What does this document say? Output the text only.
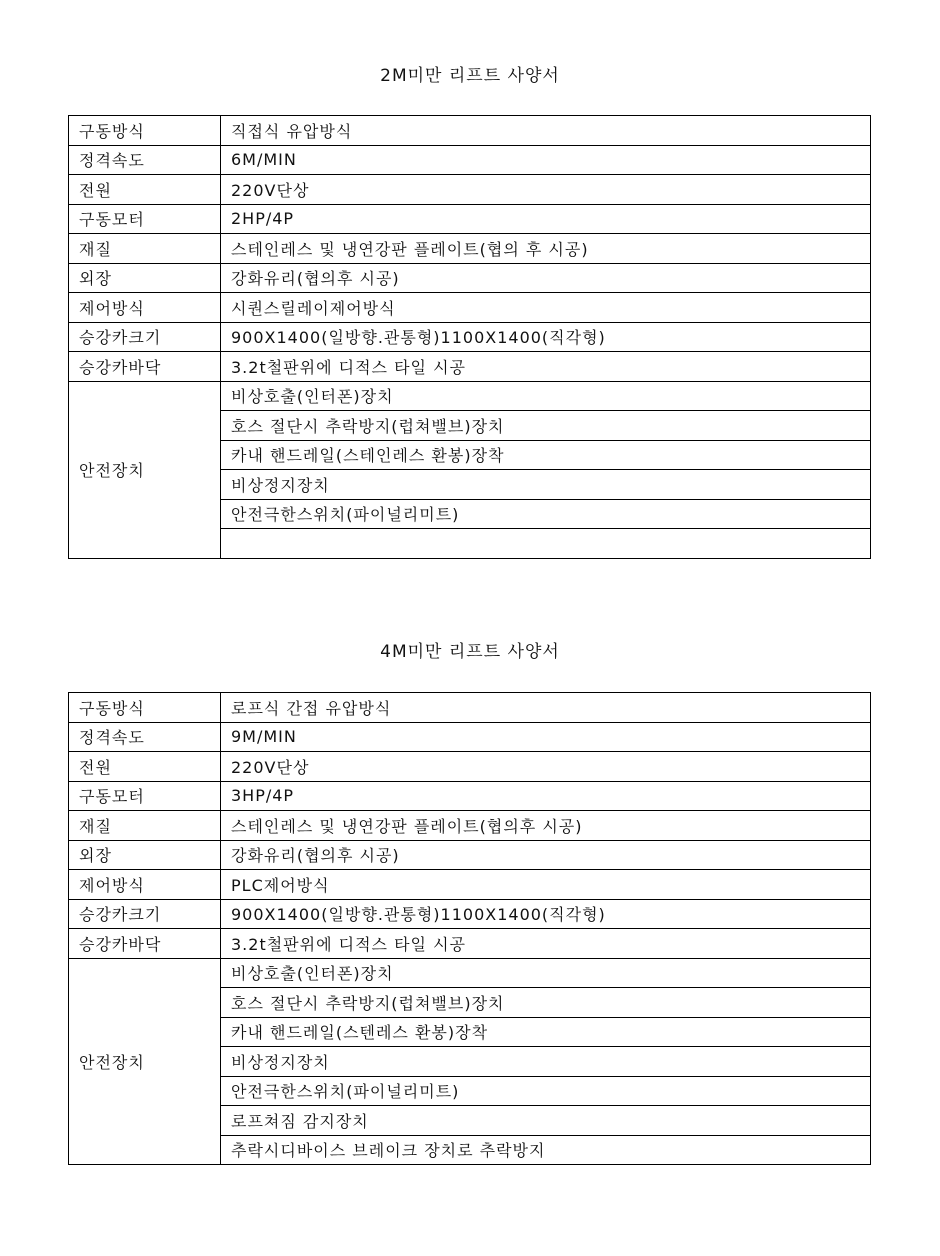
2M미만 리프트 사양서
구동방식	직접식 유압방식
정격속도	6M/MIN
전원	220V단상
구동모터	2HP/4P
재질	스테인레스 및 냉연강판 플레이트(협의 후 시공)
외장	강화유리(협의후 시공)
제어방식	시퀀스릴레이제어방식
승강카크기	900X1400(일방향.관통형)1100X1400(직각형)
승강카바닥	3.2t철판위에 디적스 타일 시공
안전장치	비상호출(인터폰)장치
	호스 절단시 추락방지(럽쳐밸브)장치
	카내 핸드레일(스테인레스 환봉)장착
	비상정지장치
	안전극한스위치(파이널리미트)

4M미만 리프트 사양서
구동방식	로프식 간접 유압방식
정격속도	9M/MIN
전원	220V단상
구동모터	3HP/4P
재질	스테인레스 및 냉연강판 플레이트(협의후 시공)
외장	강화유리(협의후 시공)
제어방식	PLC제어방식
승강카크기	900X1400(일방향.관통형)1100X1400(직각형)
승강카바닥	3.2t철판위에 디적스 타일 시공
안전장치	비상호출(인터폰)장치
	호스 절단시 추락방지(럽쳐밸브)장치
	카내 핸드레일(스텐레스 환봉)장착
	비상정지장치
	안전극한스위치(파이널리미트)
	로프쳐짐 감지장치
	추락시디바이스 브레이크 장치로 추락방지
